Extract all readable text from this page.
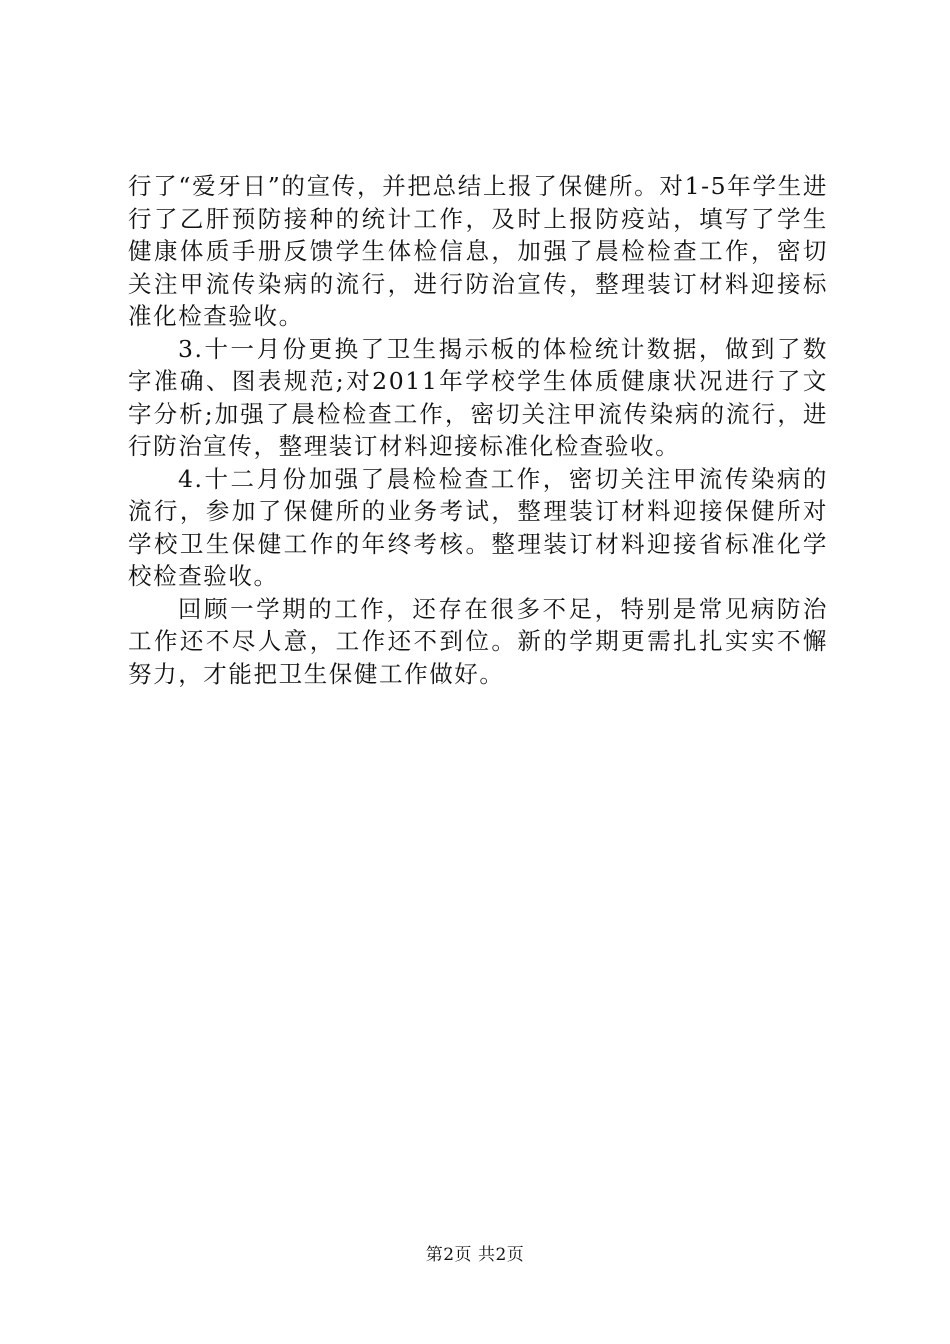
行了“爱牙日”的宣传，并把总结上报了保健所。对1-5年学生进行了乙肝预防接种的统计工作，及时上报防疫站，填写了学生健康体质手册反馈学生体检信息，加强了晨检检查工作，密切关注甲流传染病的流行，进行防治宣传，整理装订材料迎接标准化检查验收。

3.十一月份更换了卫生揭示板的体检统计数据，做到了数字准确、图表规范;对2011年学校学生体质健康状况进行了文字分析;加强了晨检检查工作，密切关注甲流传染病的流行，进行防治宣传，整理装订材料迎接标准化检查验收。

4.十二月份加强了晨检检查工作，密切关注甲流传染病的流行，参加了保健所的业务考试，整理装订材料迎接保健所对学校卫生保健工作的年终考核。整理装订材料迎接省标准化学校检查验收。

回顾一学期的工作，还存在很多不足，特别是常见病防治工作还不尽人意，工作还不到位。新的学期更需扎扎实实不懈努力，才能把卫生保健工作做好。

第2页 共2页
